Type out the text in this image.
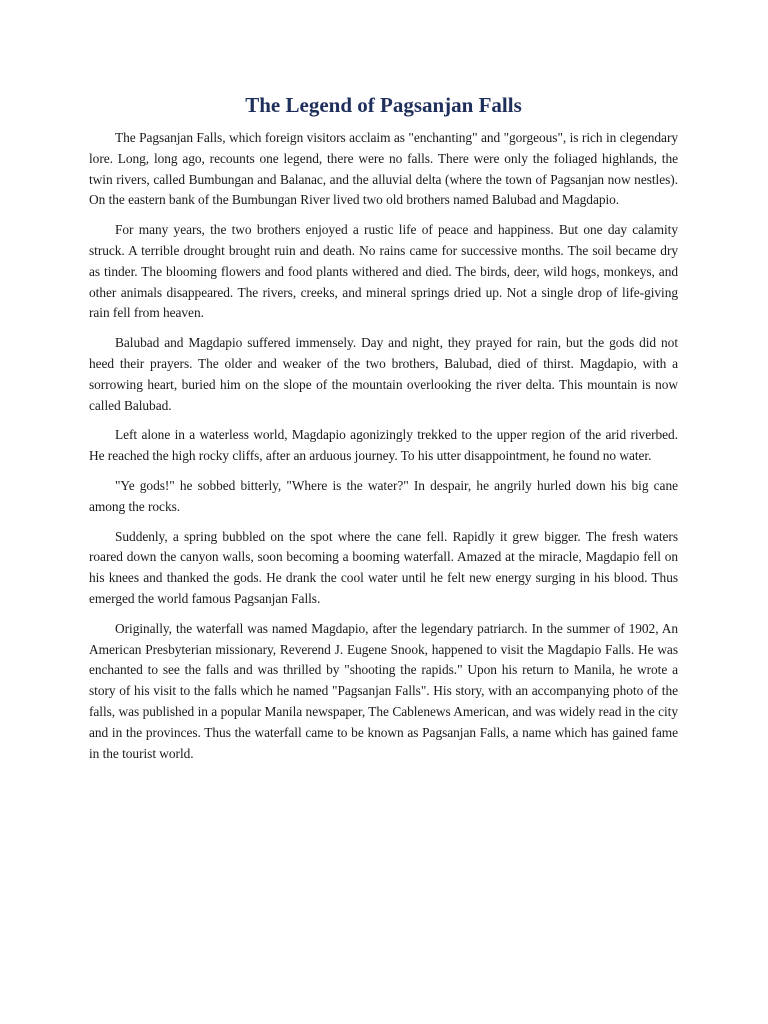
The Legend of Pagsanjan Falls

The Pagsanjan Falls, which foreign visitors acclaim as "enchanting" and "gorgeous", is rich in clegendary lore. Long, long ago, recounts one legend, there were no falls. There were only the foliaged highlands, the twin rivers, called Bumbungan and Balanac, and the alluvial delta (where the town of Pagsanjan now nestles). On the eastern bank of the Bumbungan River lived two old brothers named Balubad and Magdapio.

For many years, the two brothers enjoyed a rustic life of peace and happiness. But one day calamity struck. A terrible drought brought ruin and death. No rains came for successive months. The soil became dry as tinder. The blooming flowers and food plants withered and died. The birds, deer, wild hogs, monkeys, and other animals disappeared. The rivers, creeks, and mineral springs dried up. Not a single drop of life-giving rain fell from heaven.

Balubad and Magdapio suffered immensely. Day and night, they prayed for rain, but the gods did not heed their prayers. The older and weaker of the two brothers, Balubad, died of thirst. Magdapio, with a sorrowing heart, buried him on the slope of the mountain overlooking the river delta. This mountain is now called Balubad.

Left alone in a waterless world, Magdapio agonizingly trekked to the upper region of the arid riverbed. He reached the high rocky cliffs, after an arduous journey. To his utter disappointment, he found no water.

"Ye gods!" he sobbed bitterly, "Where is the water?" In despair, he angrily hurled down his big cane among the rocks.

Suddenly, a spring bubbled on the spot where the cane fell. Rapidly it grew bigger. The fresh waters roared down the canyon walls, soon becoming a booming waterfall. Amazed at the miracle, Magdapio fell on his knees and thanked the gods. He drank the cool water until he felt new energy surging in his blood. Thus emerged the world famous Pagsanjan Falls.

Originally, the waterfall was named Magdapio, after the legendary patriarch. In the summer of 1902, An American Presbyterian missionary, Reverend J. Eugene Snook, happened to visit the Magdapio Falls. He was enchanted to see the falls and was thrilled by "shooting the rapids." Upon his return to Manila, he wrote a story of his visit to the falls which he named "Pagsanjan Falls". His story, with an accompanying photo of the falls, was published in a popular Manila newspaper, The Cablenews American, and was widely read in the city and in the provinces. Thus the waterfall came to be known as Pagsanjan Falls, a name which has gained fame in the tourist world.
